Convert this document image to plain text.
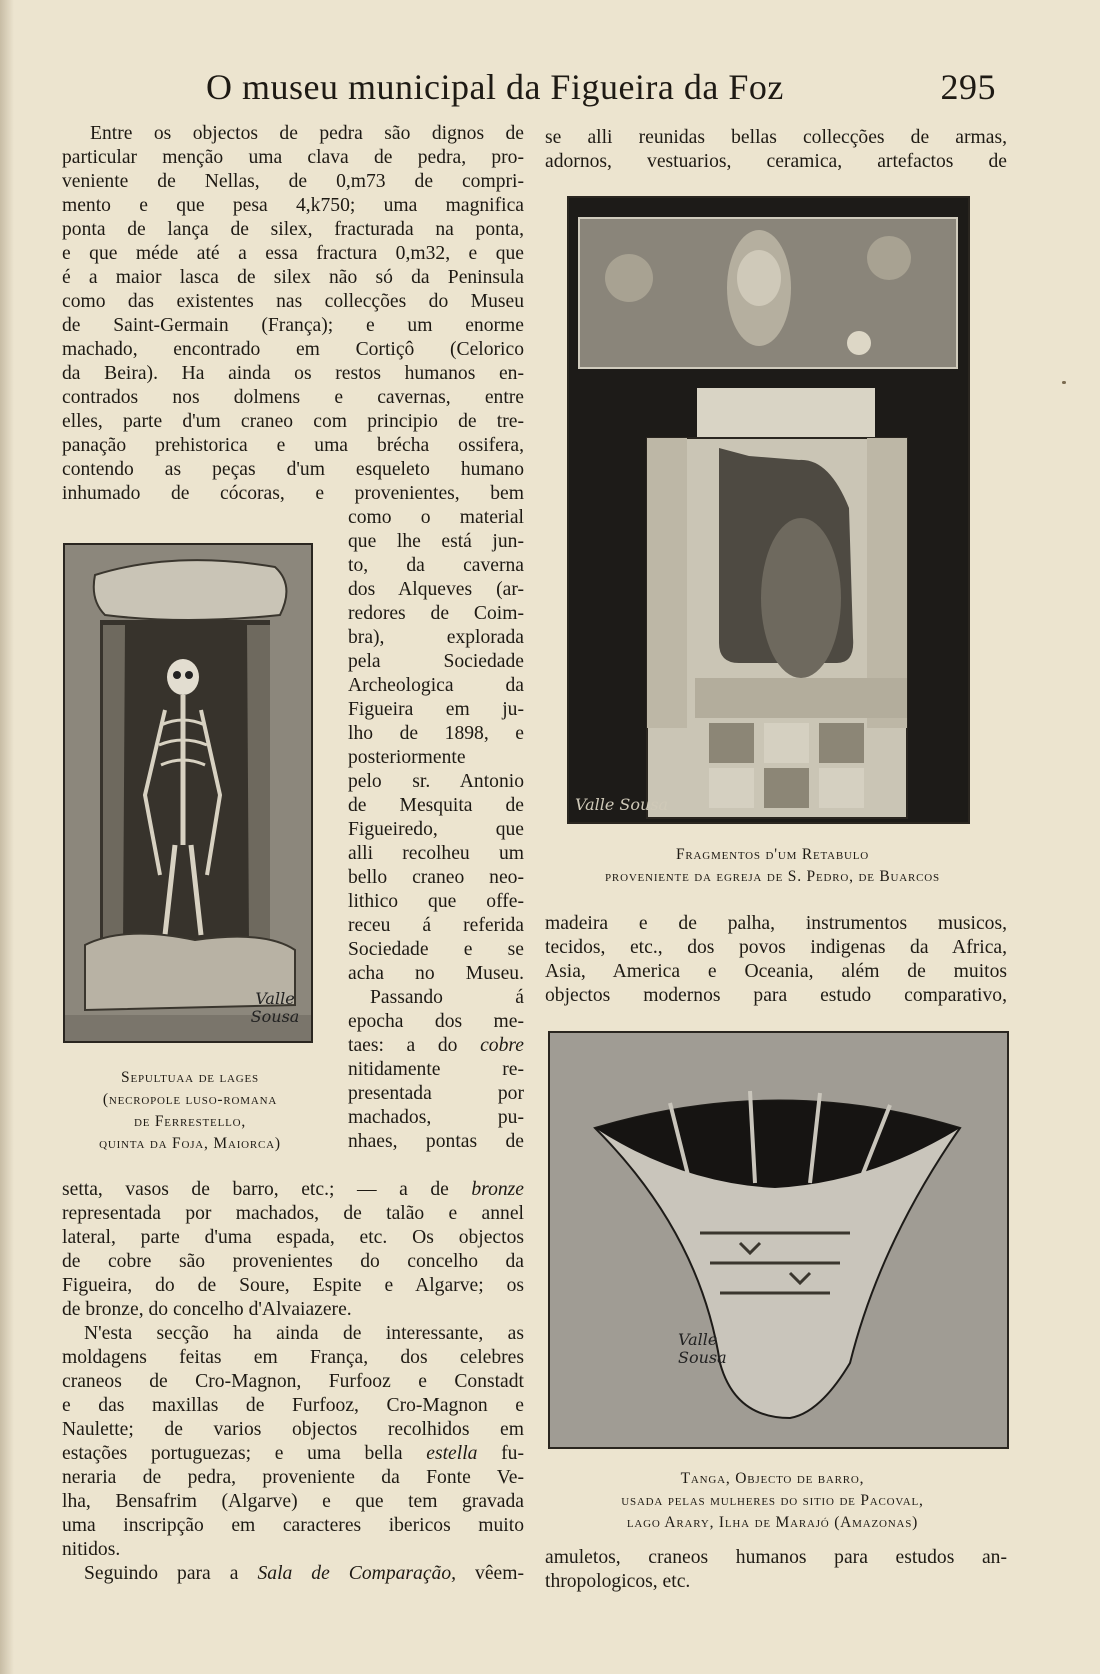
O museu municipal da Figueira da Foz	295
Entre os objectos de pedra são dignos de
particular menção uma clava de pedra, pro-
veniente de Nellas, de 0,m73 de compri-
mento e que pesa 4,k750; uma magnifica
ponta de lança de silex, fracturada na ponta,
e que méde até a essa fractura 0,m32, e que
é a maior lasca de silex não só da Peninsula
como das existentes nas collecções do Museu
de Saint-Germain (França); e um enorme
machado, encontrado em Cortiçô (Celorico
da Beira). Ha ainda os restos humanos en-
contrados nos dolmens e cavernas, entre
elles, parte d'um craneo com principio de tre-
panação prehistorica e uma brécha ossifera,
contendo as peças d'um esqueleto humano
inhumado de cócoras, e provenientes, bem
como o material
que lhe está jun-
to, da caverna
dos Alqueves (ar-
redores de Coim-
bra), explorada
pela Sociedade
Archeologica da
Figueira em ju-
lho de 1898, e
posteriormente
pelo sr. Antonio
de Mesquita de
Figueiredo, que
alli recolheu um
bello craneo neo-
lithico que offe-
receu á referida
Sociedade e se
acha no Museu.
Passando á
epocha dos me-
taes: a do cobre
nitidamente re-
presentada por
machados, pu-
nhaes, pontas de
Valle Sousa
Sepultuaa de lages
(necropole luso-romana
de Ferrestello,
quinta da Foja, Maiorca)
setta, vasos de barro, etc.; — a de bronze
representada por machados, de talão e annel
lateral, parte d'uma espada, etc. Os objectos
de cobre são provenientes do concelho da
Figueira, do de Soure, Espite e Algarve; os
de bronze, do concelho d'Alvaiazere.
N'esta secção ha ainda de interessante, as
moldagens feitas em França, dos celebres
craneos de Cro-Magnon, Furfooz e Constadt
e das maxillas de Furfooz, Cro-Magnon e
Naulette; de varios objectos recolhidos em
estações portuguezas; e uma bella estella fu-
neraria de pedra, proveniente da Fonte Ve-
lha, Bensafrim (Algarve) e que tem gravada
uma inscripção em caracteres ibericos muito
nitidos.
Seguindo para a Sala de Comparação, vêem-
se alli reunidas bellas collecções de armas,
adornos, vestuarios, ceramica, artefactos de
Valle Sousa
Fragmentos d'um Retabulo
proveniente da egreja de S. Pedro, de Buarcos
madeira e de palha, instrumentos musicos,
tecidos, etc., dos povos indigenas da Africa,
Asia, America e Oceania, além de muitos
objectos modernos para estudo comparativo,
Valle Sousa
Tanga, Objecto de barro,
usada pelas mulheres do sitio de Pacoval,
lago Arary, Ilha de Marajó (Amazonas)
amuletos, craneos humanos para estudos an-
thropologicos, etc.
